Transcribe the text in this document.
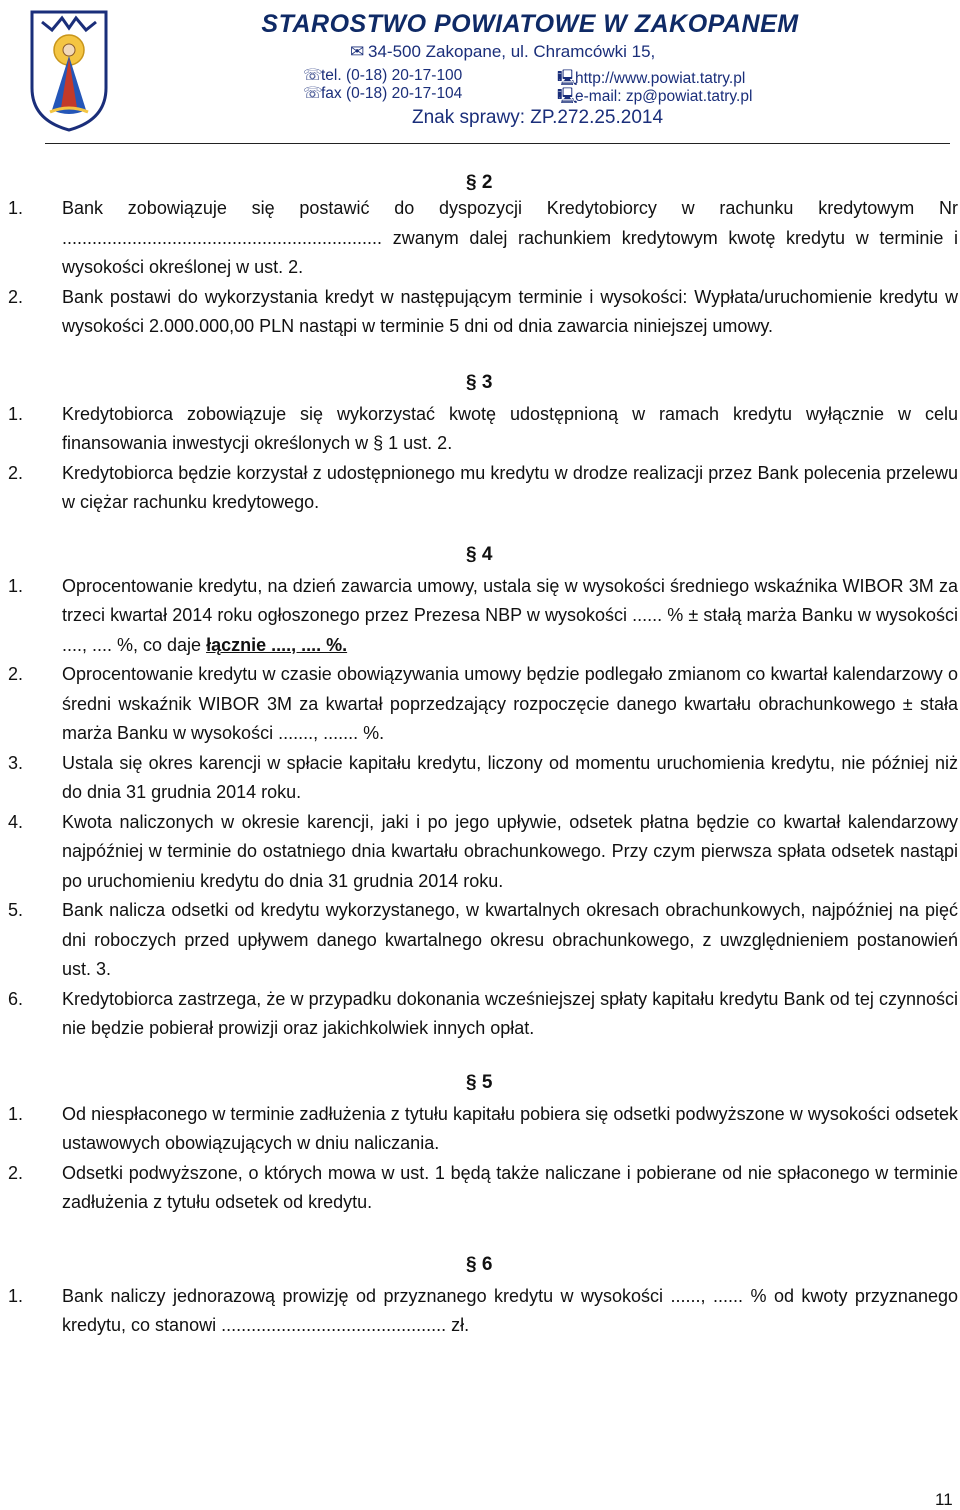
STAROSTWO POWIATOWE W ZAKOPANEM
✉ 34-500 Zakopane, ul. Chramcówki 15,
☏tel. (0-18) 20-17-100
☏fax (0-18) 20-17-104
🖳http://www.powiat.tatry.pl
🖳e-mail: zp@powiat.tatry.pl
Znak sprawy: ZP.272.25.2014
§ 2
1. Bank zobowiązuje się postawić do dyspozycji Kredytobiorcy w rachunku kredytowym Nr ................................................................ zwanym dalej rachunkiem kredytowym kwotę kredytu w terminie i wysokości określonej w ust. 2.
2. Bank postawi do wykorzystania kredyt w następującym terminie i wysokości: Wypłata/uruchomienie kredytu w wysokości 2.000.000,00 PLN nastąpi w terminie 5 dni od dnia zawarcia niniejszej umowy.
§ 3
1. Kredytobiorca zobowiązuje się wykorzystać kwotę udostępnioną w ramach kredytu wyłącznie w celu finansowania inwestycji określonych w § 1 ust. 2.
2. Kredytobiorca będzie korzystał z udostępnionego mu kredytu w drodze realizacji przez Bank polecenia przelewu w ciężar rachunku kredytowego.
§ 4
1. Oprocentowanie kredytu, na dzień zawarcia umowy, ustala się w wysokości średniego wskaźnika WIBOR 3M za trzeci kwartał 2014 roku ogłoszonego przez Prezesa NBP w wysokości ...... % ± stałą marża Banku w wysokości ...., .... %, co daje łącznie ...., .... %.
2. Oprocentowanie kredytu w czasie obowiązywania umowy będzie podlegało zmianom co kwartał kalendarzowy o średni wskaźnik WIBOR 3M za kwartał poprzedzający rozpoczęcie danego kwartału obrachunkowego ± stała marża Banku w wysokości ......., ....... %.
3. Ustala się okres karencji w spłacie kapitału kredytu, liczony od momentu uruchomienia kredytu, nie później niż do dnia 31 grudnia 2014 roku.
4. Kwota naliczonych w okresie karencji, jaki i po jego upływie, odsetek płatna będzie co kwartał kalendarzowy najpóźniej w terminie do ostatniego dnia kwartału obrachunkowego. Przy czym pierwsza spłata odsetek nastąpi po uruchomieniu kredytu do dnia 31 grudnia 2014 roku.
5. Bank nalicza odsetki od kredytu wykorzystanego, w kwartalnych okresach obrachunkowych, najpóźniej na pięć dni roboczych przed upływem danego kwartalnego okresu obrachunkowego, z uwzględnieniem postanowień ust. 3.
6. Kredytobiorca zastrzega, że w przypadku dokonania wcześniejszej spłaty kapitału kredytu Bank od tej czynności nie będzie pobierał prowizji oraz jakichkolwiek innych opłat.
§ 5
1. Od niespłaconego w terminie zadłużenia z tytułu kapitału pobiera się odsetki podwyższone w wysokości odsetek ustawowych obowiązujących w dniu naliczania.
2. Odsetki podwyższone, o których mowa w ust. 1 będą także naliczane i pobierane od nie spłaconego w terminie zadłużenia z tytułu odsetek od kredytu.
§ 6
1. Bank naliczy jednorazową prowizję od przyznanego kredytu w wysokości ......, ...... % od kwoty przyznanego kredytu, co stanowi ............................................. zł.
11
